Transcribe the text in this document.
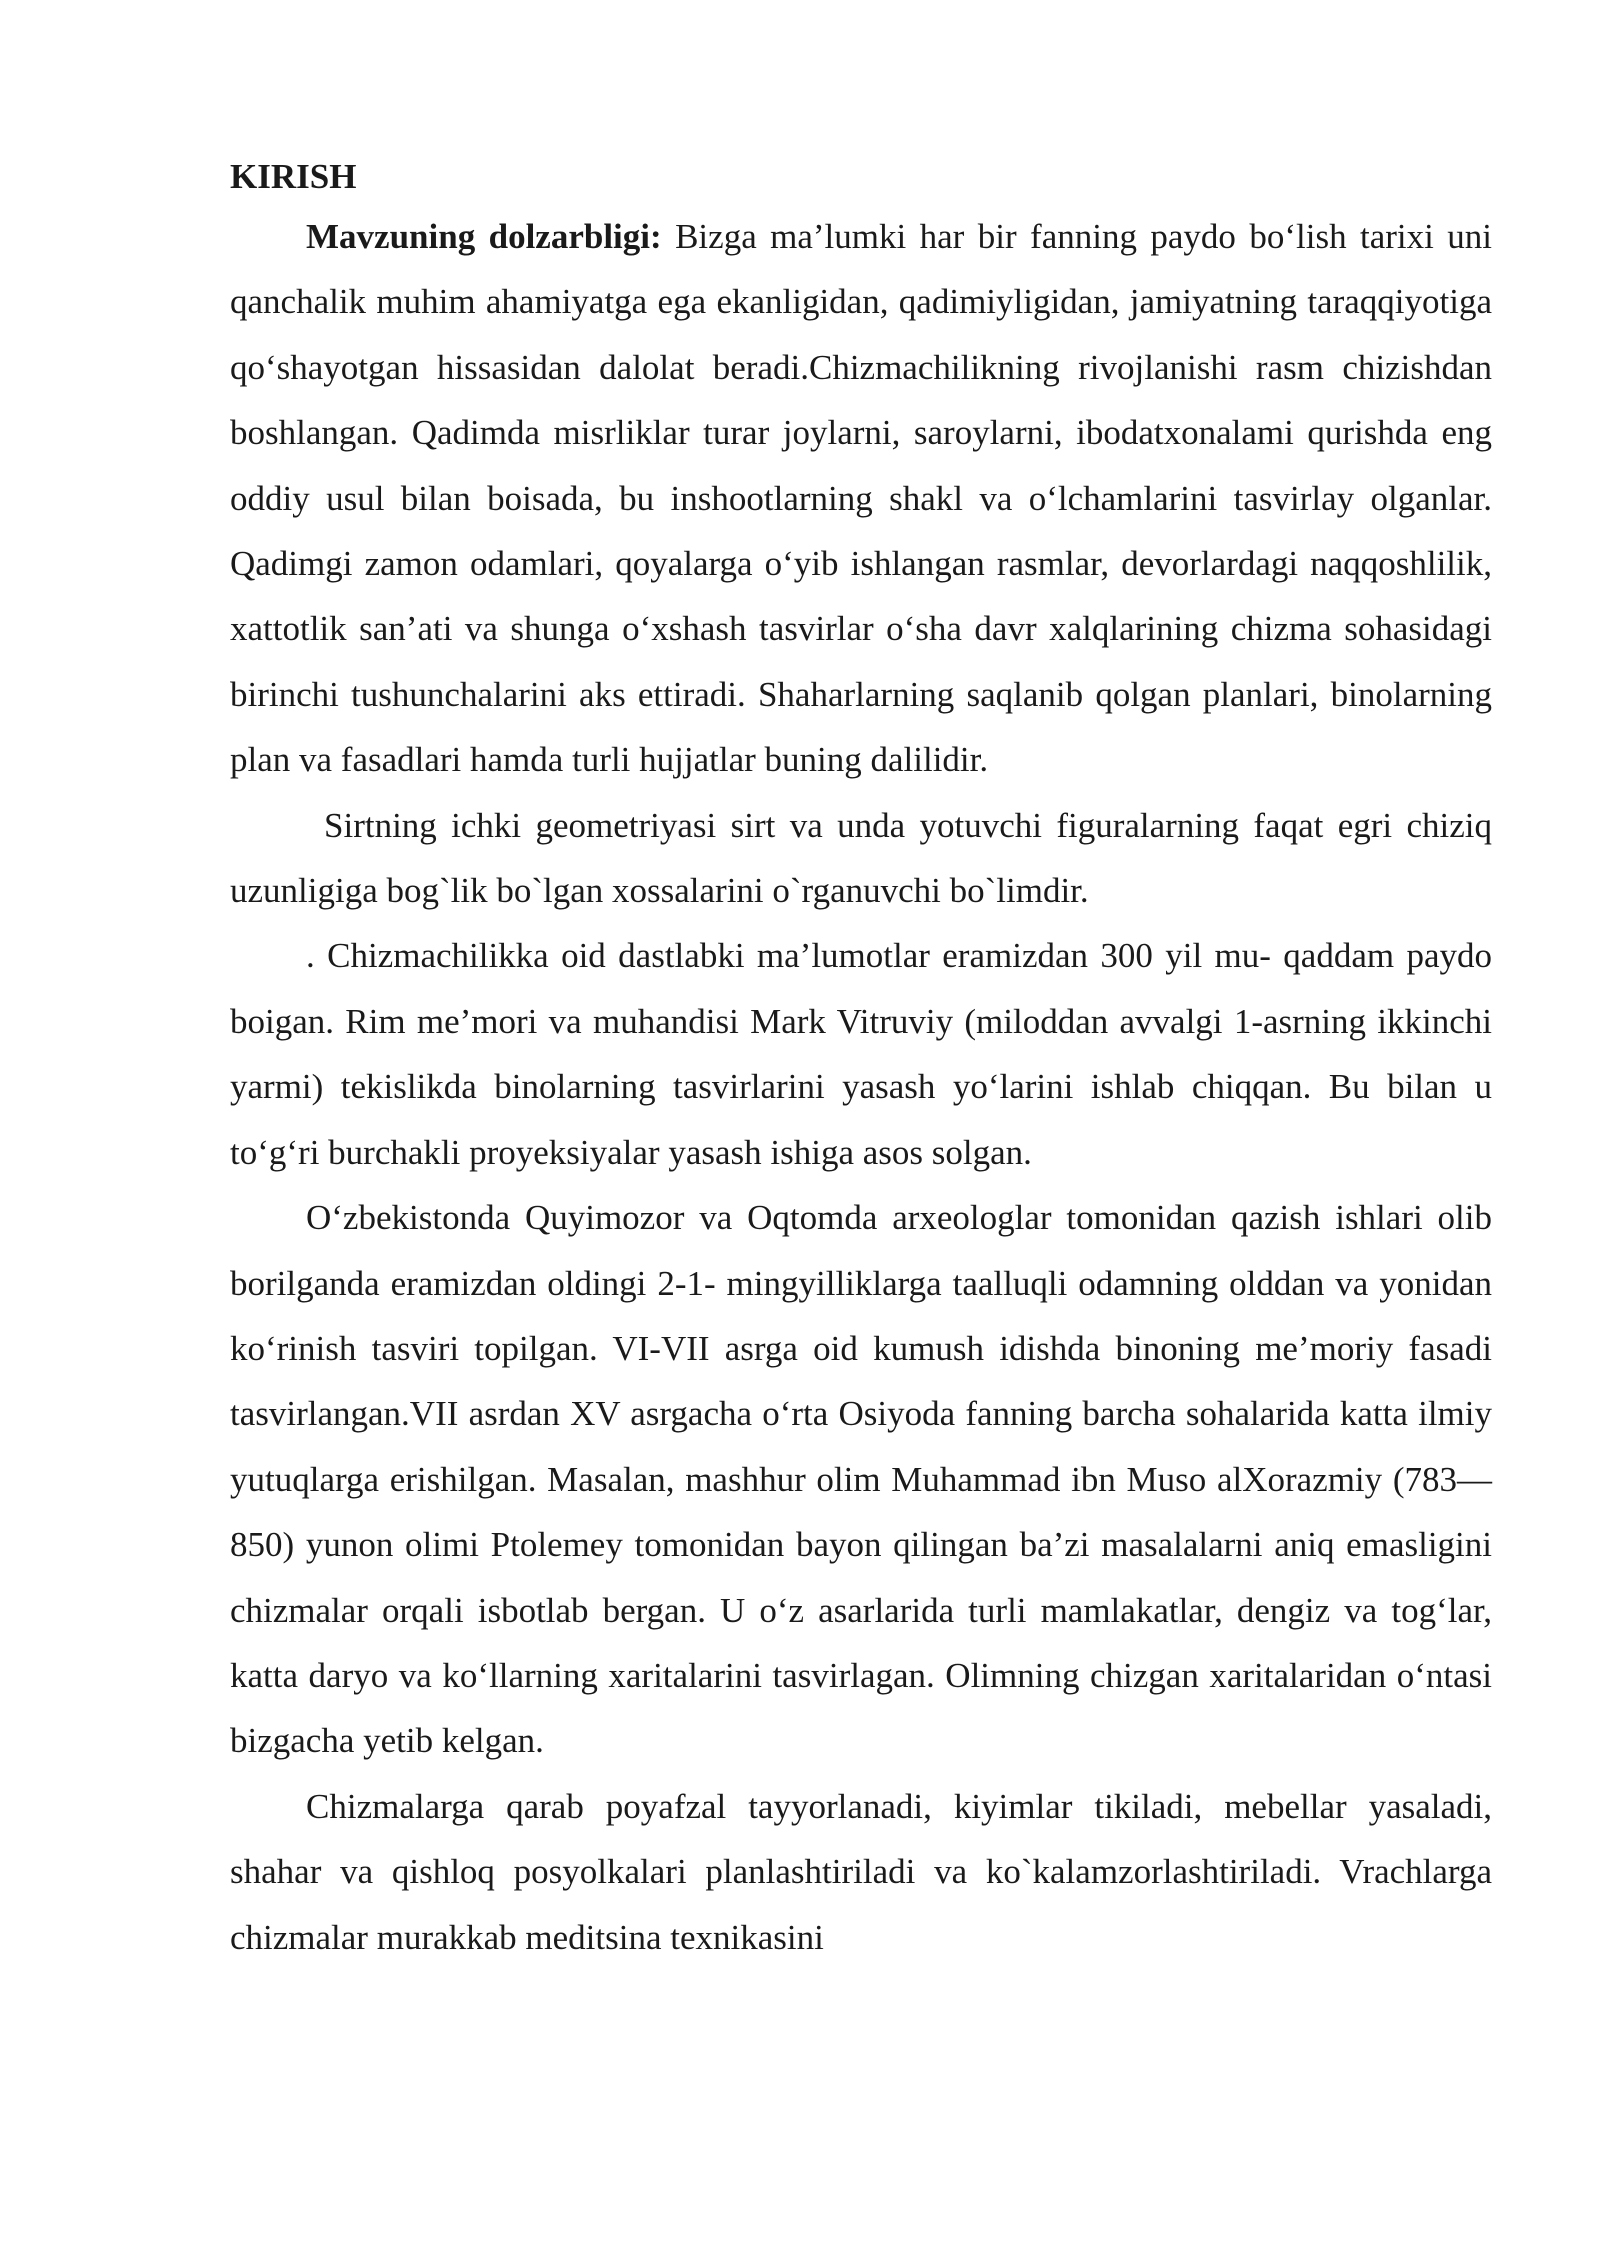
KIRISH

Mavzuning dolzarbligi: Bizga ma’lumki har bir fanning paydo bo‘lish tarixi uni qanchalik muhim ahamiyatga ega ekanligidan, qadimiyligidan, jamiyatning taraqqiyotiga qo‘shayotgan hissasidan dalolat beradi.Chizmachilikning rivojlanishi rasm chizishdan boshlangan. Qadimda misrliklar turar joylarni, saroylarni, ibodatxonalami qurishda eng oddiy usul bilan boisada, bu inshootlarning shakl va o‘lchamlarini tasvirlay olganlar. Qadimgi zamon odamlari, qoyalarga o‘yib ishlangan rasmlar, devorlardagi naqqoshlilik, xattotlik san’ati va shunga o‘xshash tasvirlar o‘sha davr xalqlarining chizma sohasidagi birinchi tushunchalarini aks ettiradi. Shaharlarning saqlanib qolgan planlari, binolarning plan va fasadlari hamda turli hujjatlar buning dalilidir.

Sirtning ichki geometriyasi sirt va unda yotuvchi figuralarning faqat egri chiziq uzunligiga bog`lik bo`lgan xossalarini o`rganuvchi bo`limdir.

. Chizmachilikka oid dastlabki ma’lumotlar eramizdan 300 yil mu- qaddam paydo boigan. Rim me’mori va muhandisi Mark Vitruviy (miloddan avvalgi 1-asrning ikkinchi yarmi) tekislikda binolarning tasvirlarini yasash yo‘larini ishlab chiqqan. Bu bilan u to‘g‘ri burchakli proyeksiyalar yasash ishiga asos solgan.

O‘zbekistonda Quyimozor va Oqtomda arxeologlar tomonidan qazish ishlari olib borilganda eramizdan oldingi 2-1- mingyilliklarga taalluqli odamning olddan va yonidan ko‘rinish tasviri topilgan. VI-VII asrga oid kumush idishda binoning me’moriy fasadi tasvirlangan.VII asrdan XV asrgacha o‘rta Osiyoda fanning barcha sohalarida katta ilmiy yutuqlarga erishilgan. Masalan, mashhur olim Muhammad ibn Muso alXorazmiy (783—850) yunon olimi Ptolemey tomonidan bayon qilingan ba’zi masalalarni aniq emasligini chizmalar orqali isbotlab bergan. U o‘z asarlarida turli mamlakatlar, dengiz va tog‘lar, katta daryo va ko‘llarning xaritalarini tasvirlagan. Olimning chizgan xaritalaridan o‘ntasi bizgacha yetib kelgan.

Chizmalarga qarab poyafzal tayyorlanadi, kiyimlar tikiladi, mebellar yasaladi, shahar va qishloq posyolkalari planlashtiriladi va ko`kalamzorlashtiriladi. Vrachlarga chizmalar murakkab meditsina texnikasini
